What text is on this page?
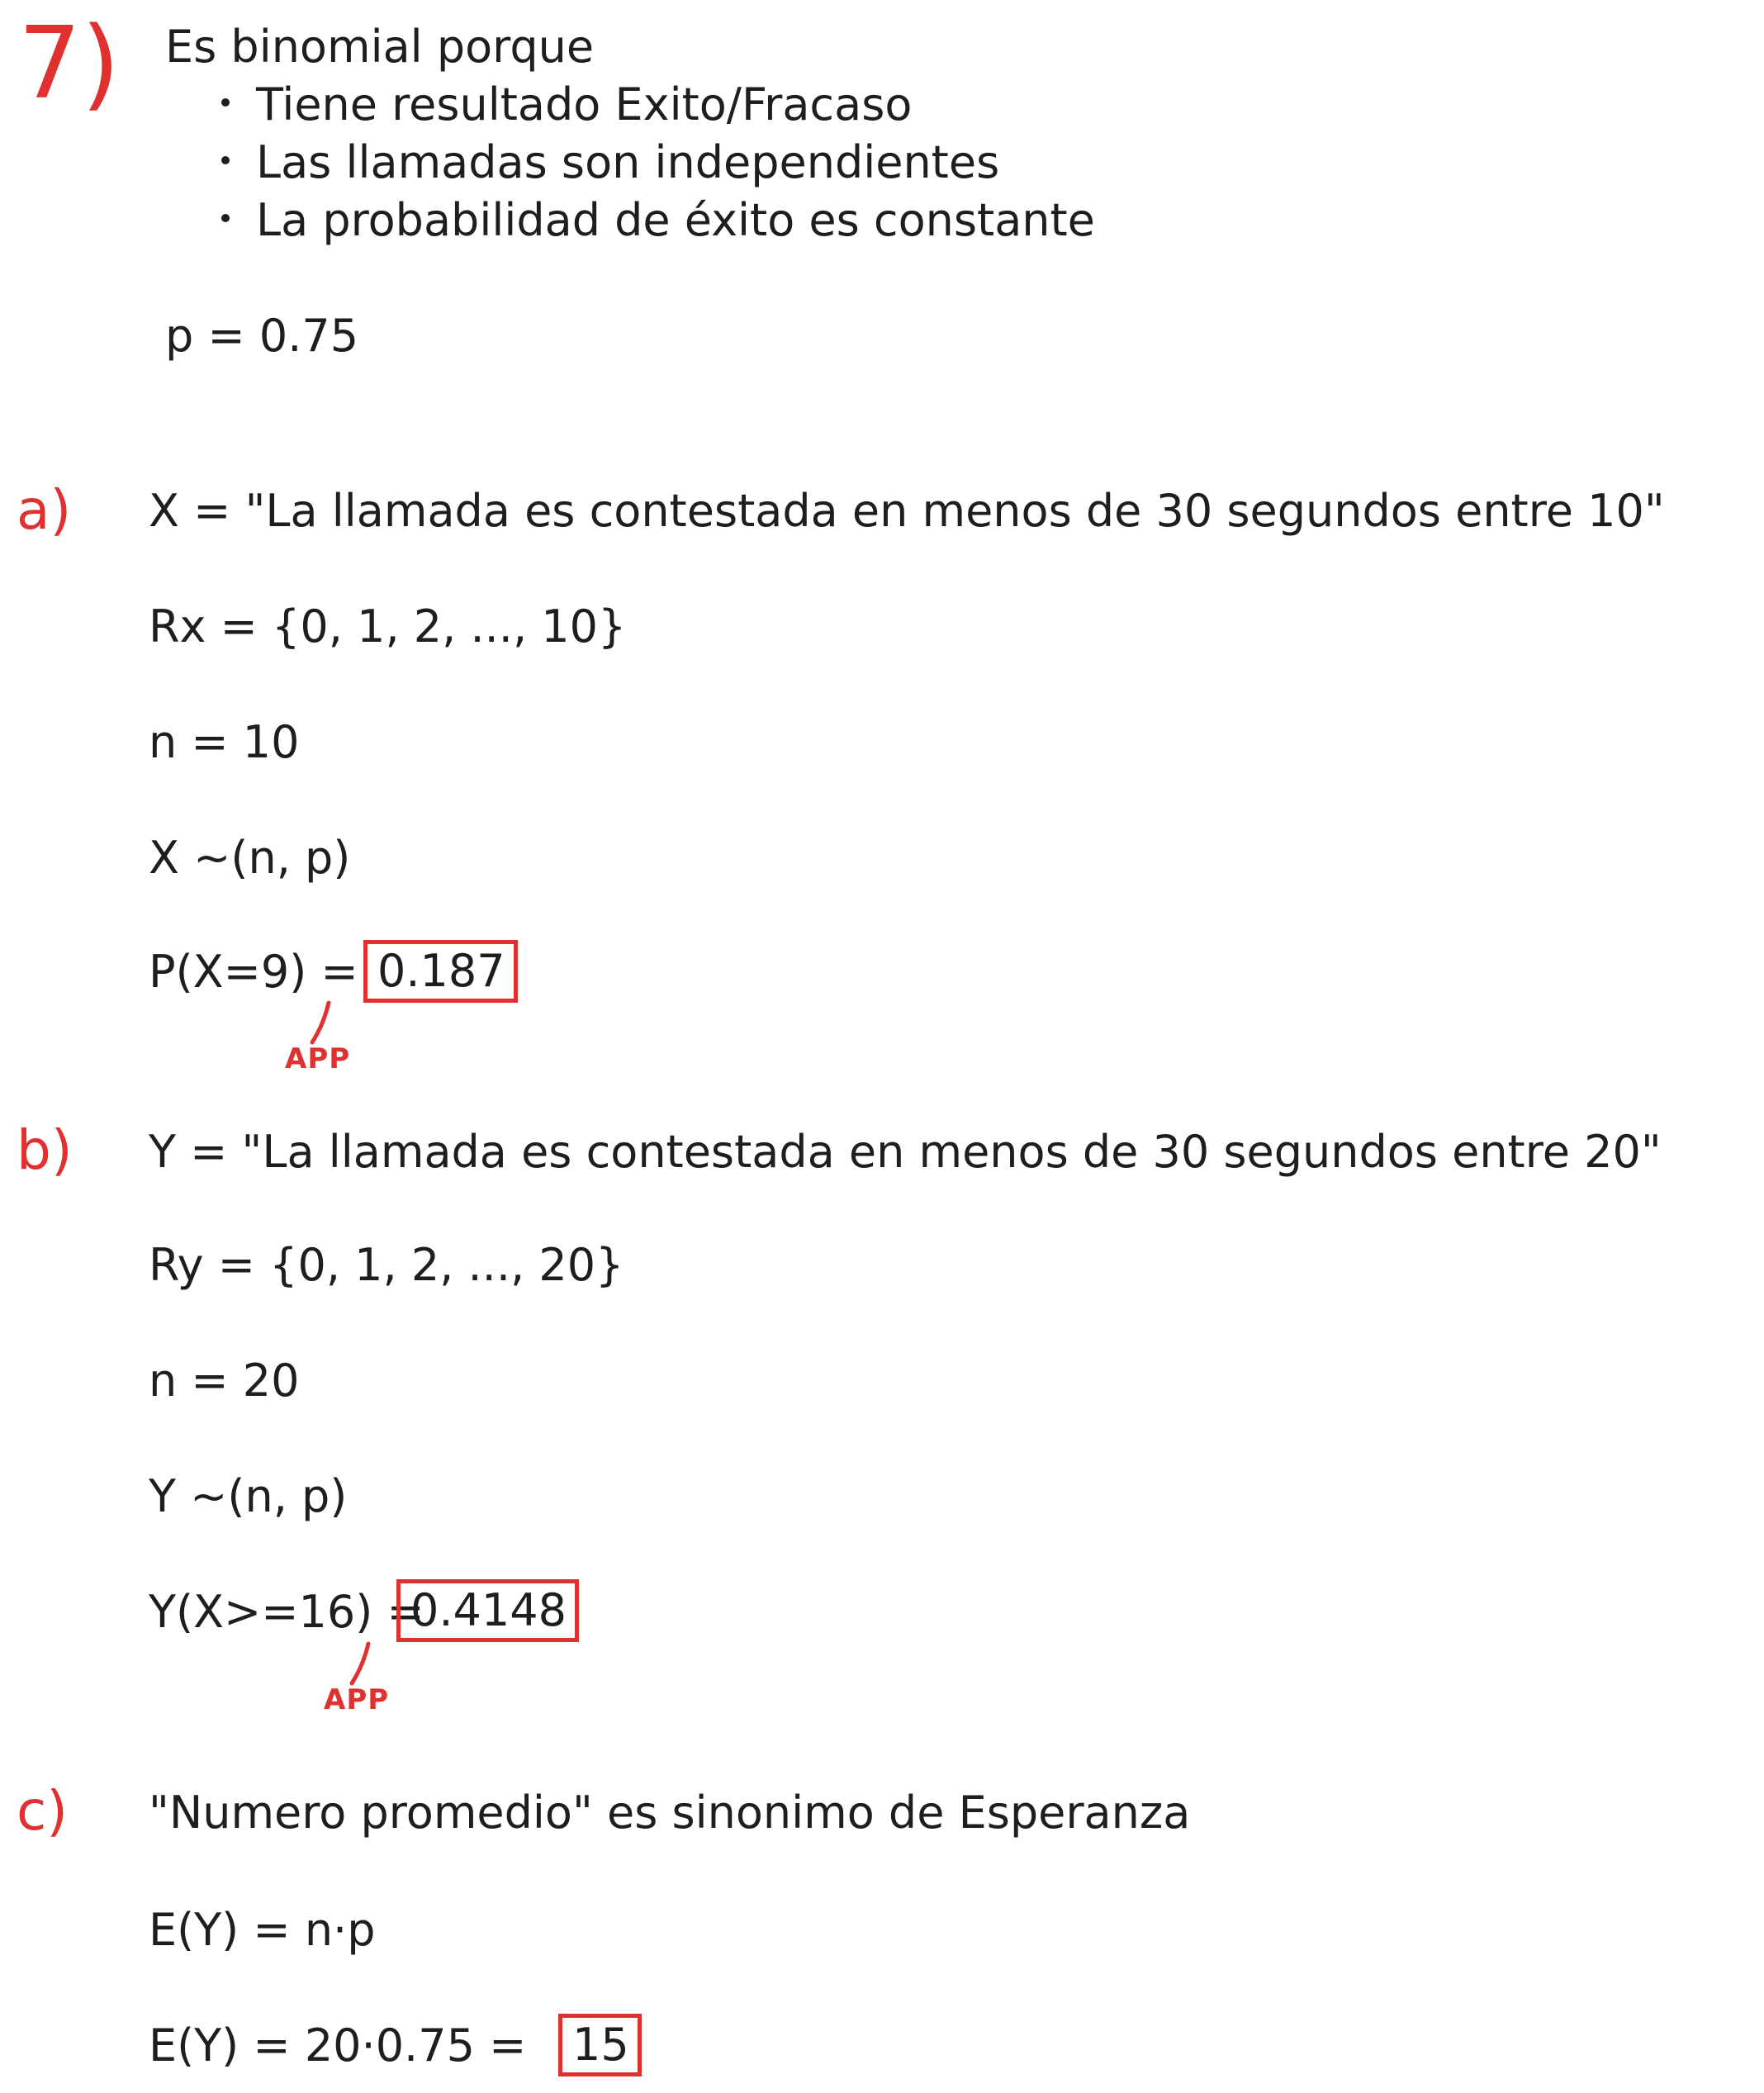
7) Es binomial porque
Tiene resultado Exito/Fracaso
Las llamadas son independientes
La probabilidad de éxito es constante
p = 0.75
a) X = "La llamada es contestada en menos de 30 segundos entre 10"
Rx = {0, 1, 2, ..., 10}
n = 10
X ~(n, p)
P(X=9) = 0.187
APP
b) Y = "La llamada es contestada en menos de 30 segundos entre 20"
Ry = {0, 1, 2, ..., 20}
n = 20
Y ~(n, p)
Y(X>=16) =
0.4148
APP
c) "Numero promedio" es sinonimo de Esperanza
E(Y) = n·p
E(Y) = 20·0.75 =	15
